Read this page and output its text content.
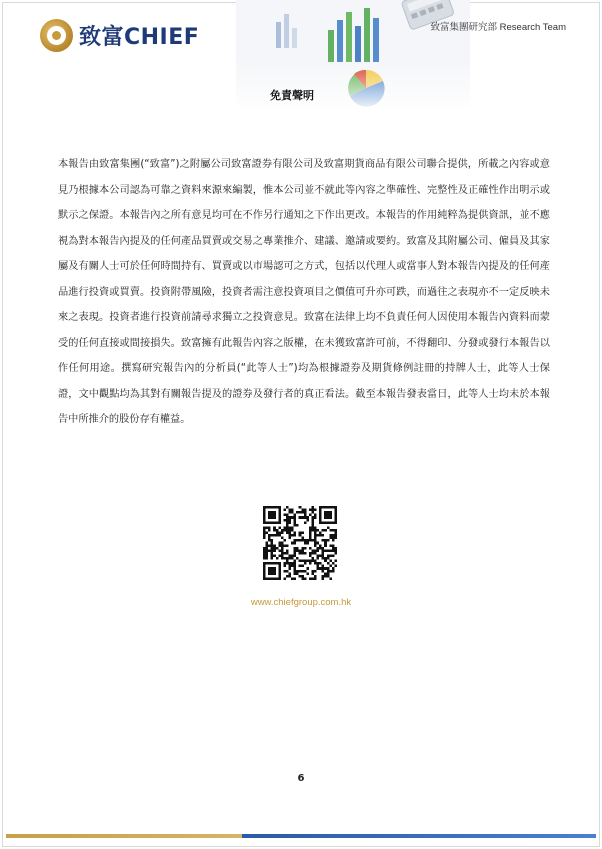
致富CHIEF	致富集團研究部 Research Team
免責聲明
本報告由致富集團(“致富”)之附屬公司致富證券有限公司及致富期貨商品有限公司聯合提供，所載之內容或意見乃根據本公司認為可靠之資料來源來編製，惟本公司並不就此等內容之準確性、完整性及正確性作出明示或默示之保證。本報告內之所有意見均可在不作另行通知之下作出更改。本報告的作用純粹為提供資訊，並不應視為對本報告內提及的任何產品買賣或交易之專業推介、建議、邀請或要約。致富及其附屬公司、僱員及其家屬及有關人士可於任何時間持有、買賣或以市場認可之方式，包括以代理人或當事人對本報告內提及的任何產品進行投資或買賣。投資附帶風險，投資者需注意投資項目之價值可升亦可跌，而過往之表現亦不一定反映未來之表現。投資者進行投資前請尋求獨立之投資意見。致富在法律上均不負責任何人因使用本報告內資料而蒙受的任何直接或間接損失。致富擁有此報告內容之版權，在未獲致富許可前，不得翻印、分發或發行本報告以作任何用途。撰寫研究報告內的分析員(“此等人士”)均為根據證券及期貨條例註冊的持牌人士，此等人士保證，文中觀點均為其對有關報告提及的證券及發行者的真正看法。截至本報告發表當日，此等人士均未於本報告中所推介的股份存有權益。
www.chiefgroup.com.hk
6
